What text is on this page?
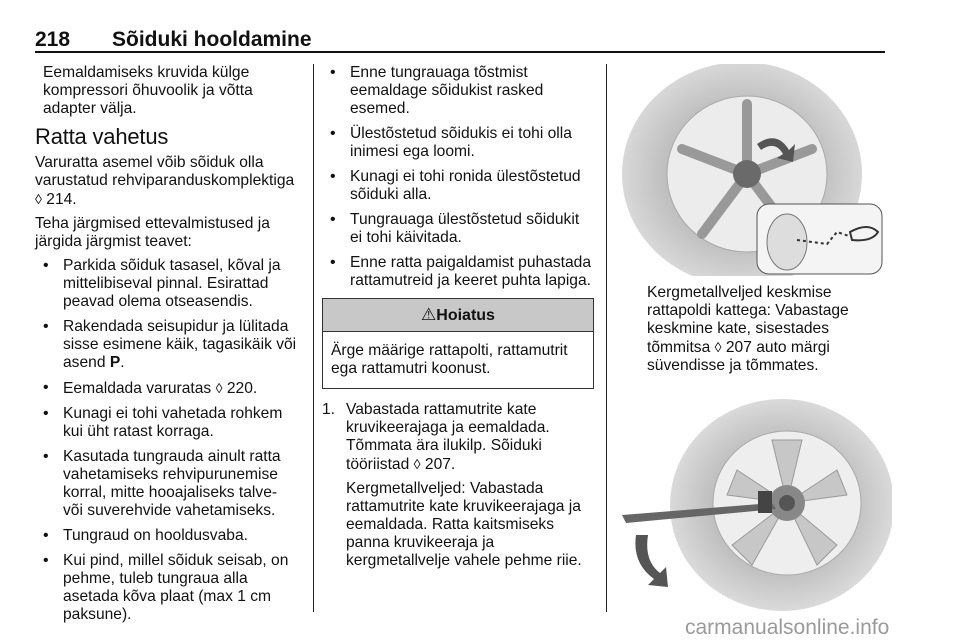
218 Sõiduki hooldamine

Eemaldamiseks kruvida külge kompressori õhuvoolik ja võtta adapter välja.

Ratta vahetus

Varuratta asemel võib sõiduk olla varustatud rehviparanduskomplektiga ◊ 214.

Teha järgmised ettevalmistused ja järgida järgmist teavet:

• Parkida sõiduk tasasel, kõval ja mittelibiseval pinnal. Esirattad peavad olema otseasendis.
• Rakendada seisupidur ja lülitada sisse esimene käik, tagasikäik või asend P.
• Eemaldada varuratas ◊ 220.
• Kunagi ei tohi vahetada rohkem kui üht ratast korraga.
• Kasutada tungrauda ainult ratta vahetamiseks rehvipurunemise korral, mitte hooajaliseks talve- või suverehvide vahetamiseks.
• Tungraud on hooldusvaba.
• Kui pind, millel sõiduk seisab, on pehme, tuleb tungraua alla asetada kõva plaat (max 1 cm paksune).
• Enne tungrauaga tõstmist eemaldage sõidukist rasked esemed.
• Ülestõstetud sõidukis ei tohi olla inimesi ega loomi.
• Kunagi ei tohi ronida ülestõstetud sõiduki alla.
• Tungrauaga ülestõstetud sõidukit ei tohi käivitada.
• Enne ratta paigaldamist puhastada rattamutreid ja keeret puhta lapiga.
⚠Hoiatus
Ärge määrige rattapolti, rattamutrit ega rattamutri koonust.
1. Vabastada rattamutrite kate kruvikeerajaga ja eemaldada. Tõmmata ära ilukilp. Sõiduki tööriistad ◊ 207.

Kergmetallveljed: Vabastada rattamutrite kate kruvikeerajaga ja eemaldada. Ratta kaitsmiseks panna kruvikeeraja ja kergmetallvelje vahele pehme riie.

Kergmetallveljed keskmise rattapoldi kattega: Vabastage keskmine kate, sisestades tõmmitsa ◊ 207 auto märgi süvendisse ja tõmmates.

carmanualsonline.info
